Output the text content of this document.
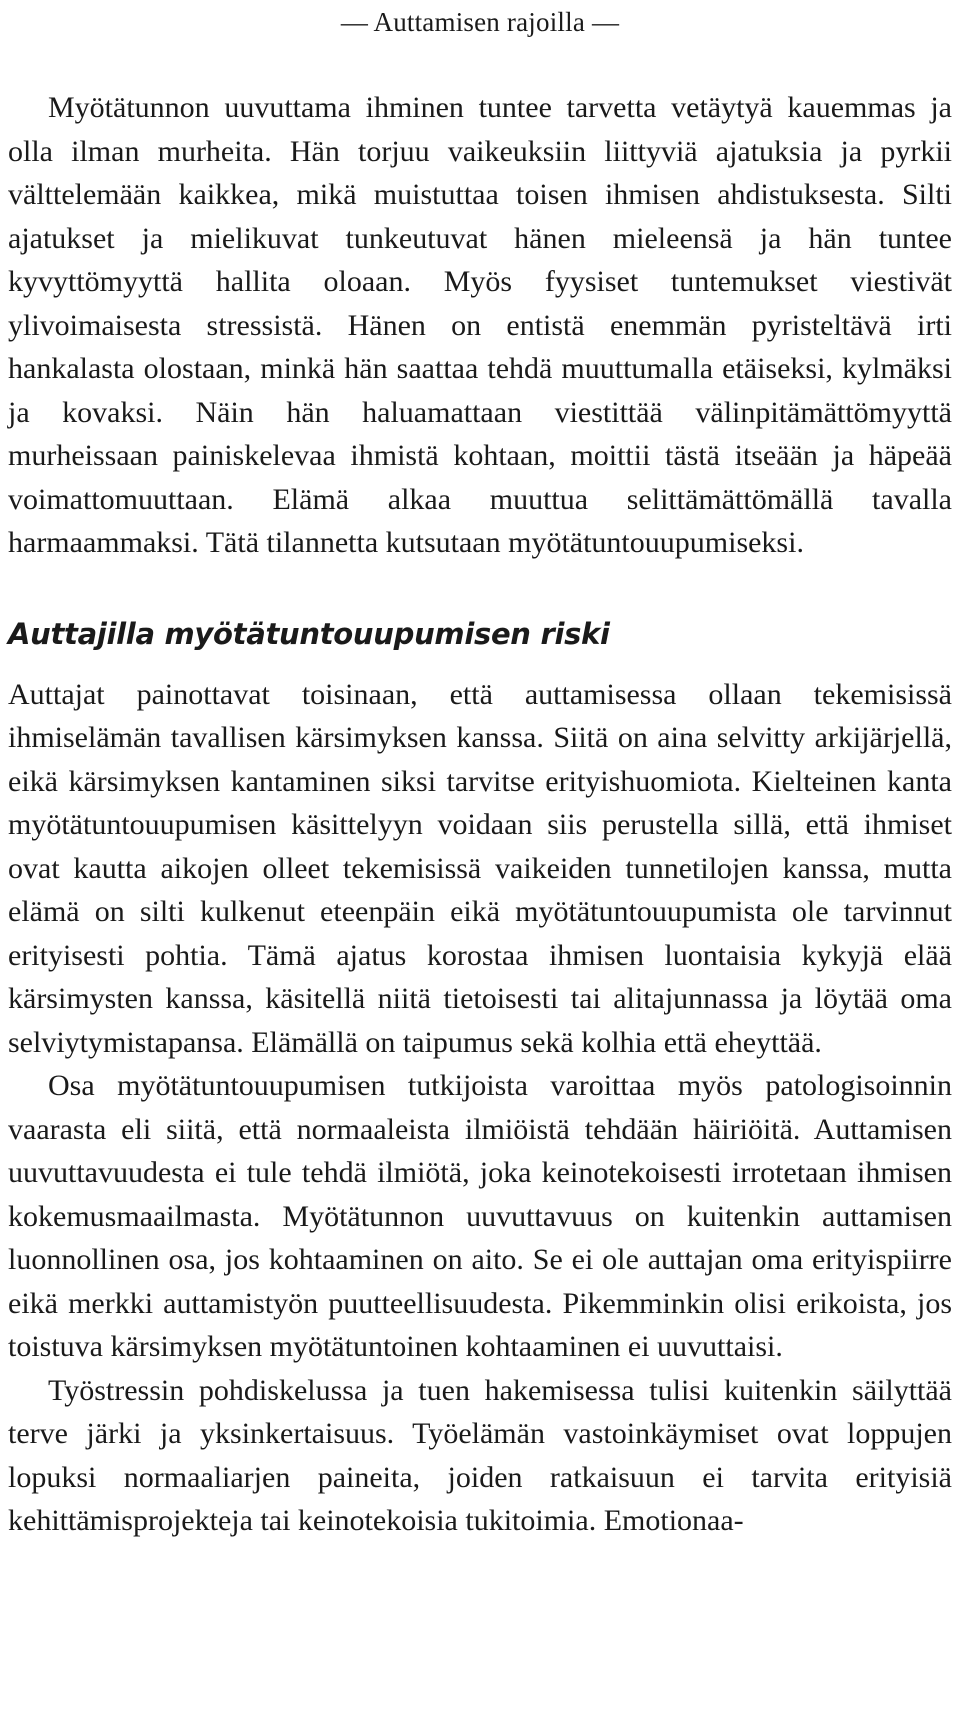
— Auttamisen rajoilla —

Myötätunnon uuvuttama ihminen tuntee tarvetta vetäytyä kauemmas ja olla ilman murheita. Hän torjuu vaikeuksiin liittyviä ajatuksia ja pyrkii välttelemään kaikkea, mikä muistuttaa toisen ihmisen ahdistuksesta. Silti ajatukset ja mielikuvat tunkeutuvat hänen mieleensä ja hän tuntee kyvyttömyyttä hallita oloaan. Myös fyysiset tuntemukset viestivät ylivoimaisesta stressistä. Hänen on entistä enemmän pyristeltävä irti hankalasta olostaan, minkä hän saattaa tehdä muuttumalla etäiseksi, kylmäksi ja kovaksi. Näin hän haluamattaan viestittää välinpitämättömyyttä murheissaan painiskelevaa ihmistä kohtaan, moittii tästä itseään ja häpeää voimattomuuttaan. Elämä alkaa muuttua selittämättömällä tavalla harmaammaksi. Tätä tilannetta kutsutaan myötätuntouupumiseksi.

Auttajilla myötätuntouupumisen riski

Auttajat painottavat toisinaan, että auttamisessa ollaan tekemisissä ihmiselämän tavallisen kärsimyksen kanssa. Siitä on aina selvitty arkijärjellä, eikä kärsimyksen kantaminen siksi tarvitse erityishuomiota. Kielteinen kanta myötätuntouupumisen käsittelyyn voidaan siis perustella sillä, että ihmiset ovat kautta aikojen olleet tekemisissä vaikeiden tunnetilojen kanssa, mutta elämä on silti kulkenut eteenpäin eikä myötätuntouupumista ole tarvinnut erityisesti pohtia. Tämä ajatus korostaa ihmisen luontaisia kykyjä elää kärsimysten kanssa, käsitellä niitä tietoisesti tai alitajunnassa ja löytää oma selviytymistapansa. Elämällä on taipumus sekä kolhia että eheyttää.

Osa myötätuntouupumisen tutkijoista varoittaa myös patologisoinnin vaarasta eli siitä, että normaaleista ilmiöistä tehdään häiriöitä. Auttamisen uuvuttavuudesta ei tule tehdä ilmiötä, joka keinotekoisesti irrotetaan ihmisen kokemusmaailmasta. Myötätunnon uuvuttavuus on kuitenkin auttamisen luonnollinen osa, jos kohtaaminen on aito. Se ei ole auttajan oma erityispiirre eikä merkki auttamistyön puutteellisuudesta. Pikemminkin olisi erikoista, jos toistuva kärsimyksen myötätuntoinen kohtaaminen ei uuvuttaisi.

Työstressin pohdiskelussa ja tuen hakemisessa tulisi kuitenkin säilyttää terve järki ja yksinkertaisuus. Työelämän vastoinkäymiset ovat loppujen lopuksi normaaliarjen paineita, joiden ratkaisuun ei tarvita erityisiä kehittämisprojekteja tai keinotekoisia tukitoimia. Emotionaa-
